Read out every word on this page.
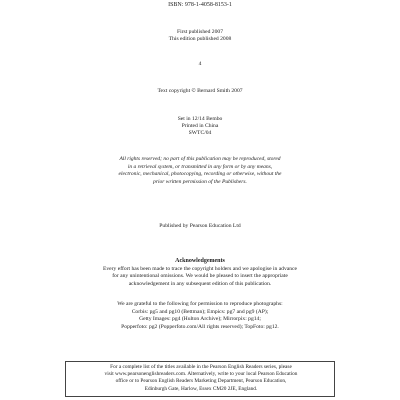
ISBN: 978-1-4058-8153-1
First published 2007
This edition published 2008
4
Text copyright © Bernard Smith 2007
Set in 12/14 Bembo
Printed in China
SWTC/04
All rights reserved; no part of this publication may be reproduced, stored
in a retrieval system, or transmitted in any form or by any means,
electronic, mechanical, photocopying, recording or otherwise, without the
prior written permission of the Publishers.
Published by Pearson Education Ltd
Acknowledgements
Every effort has been made to trace the copyright holders and we apologise in advance
for any unintentional omissions. We would be pleased to insert the appropriate
acknowledgement in any subsequent edition of this publication.
We are grateful to the following for permission to reproduce photographs:
Corbis: pg5 and pg10 (Bettman); Empics: pg7 and pg9 (AP);
Getty Images: pg4 (Hulton Archive); Mirrorpix: pg14;
Popperfoto: pg2 (Popperfoto.com/All rights reserved); TopFoto: pg12.
For a complete list of the titles available in the Pearson English Readers series, please
visit www.pearsonenglishreaders.com. Alternatively, write to your local Pearson Education
office or to Pearson English Readers Marketing Department, Pearson Education,
Edinburgh Gate, Harlow, Essex CM20 2JE, England.
